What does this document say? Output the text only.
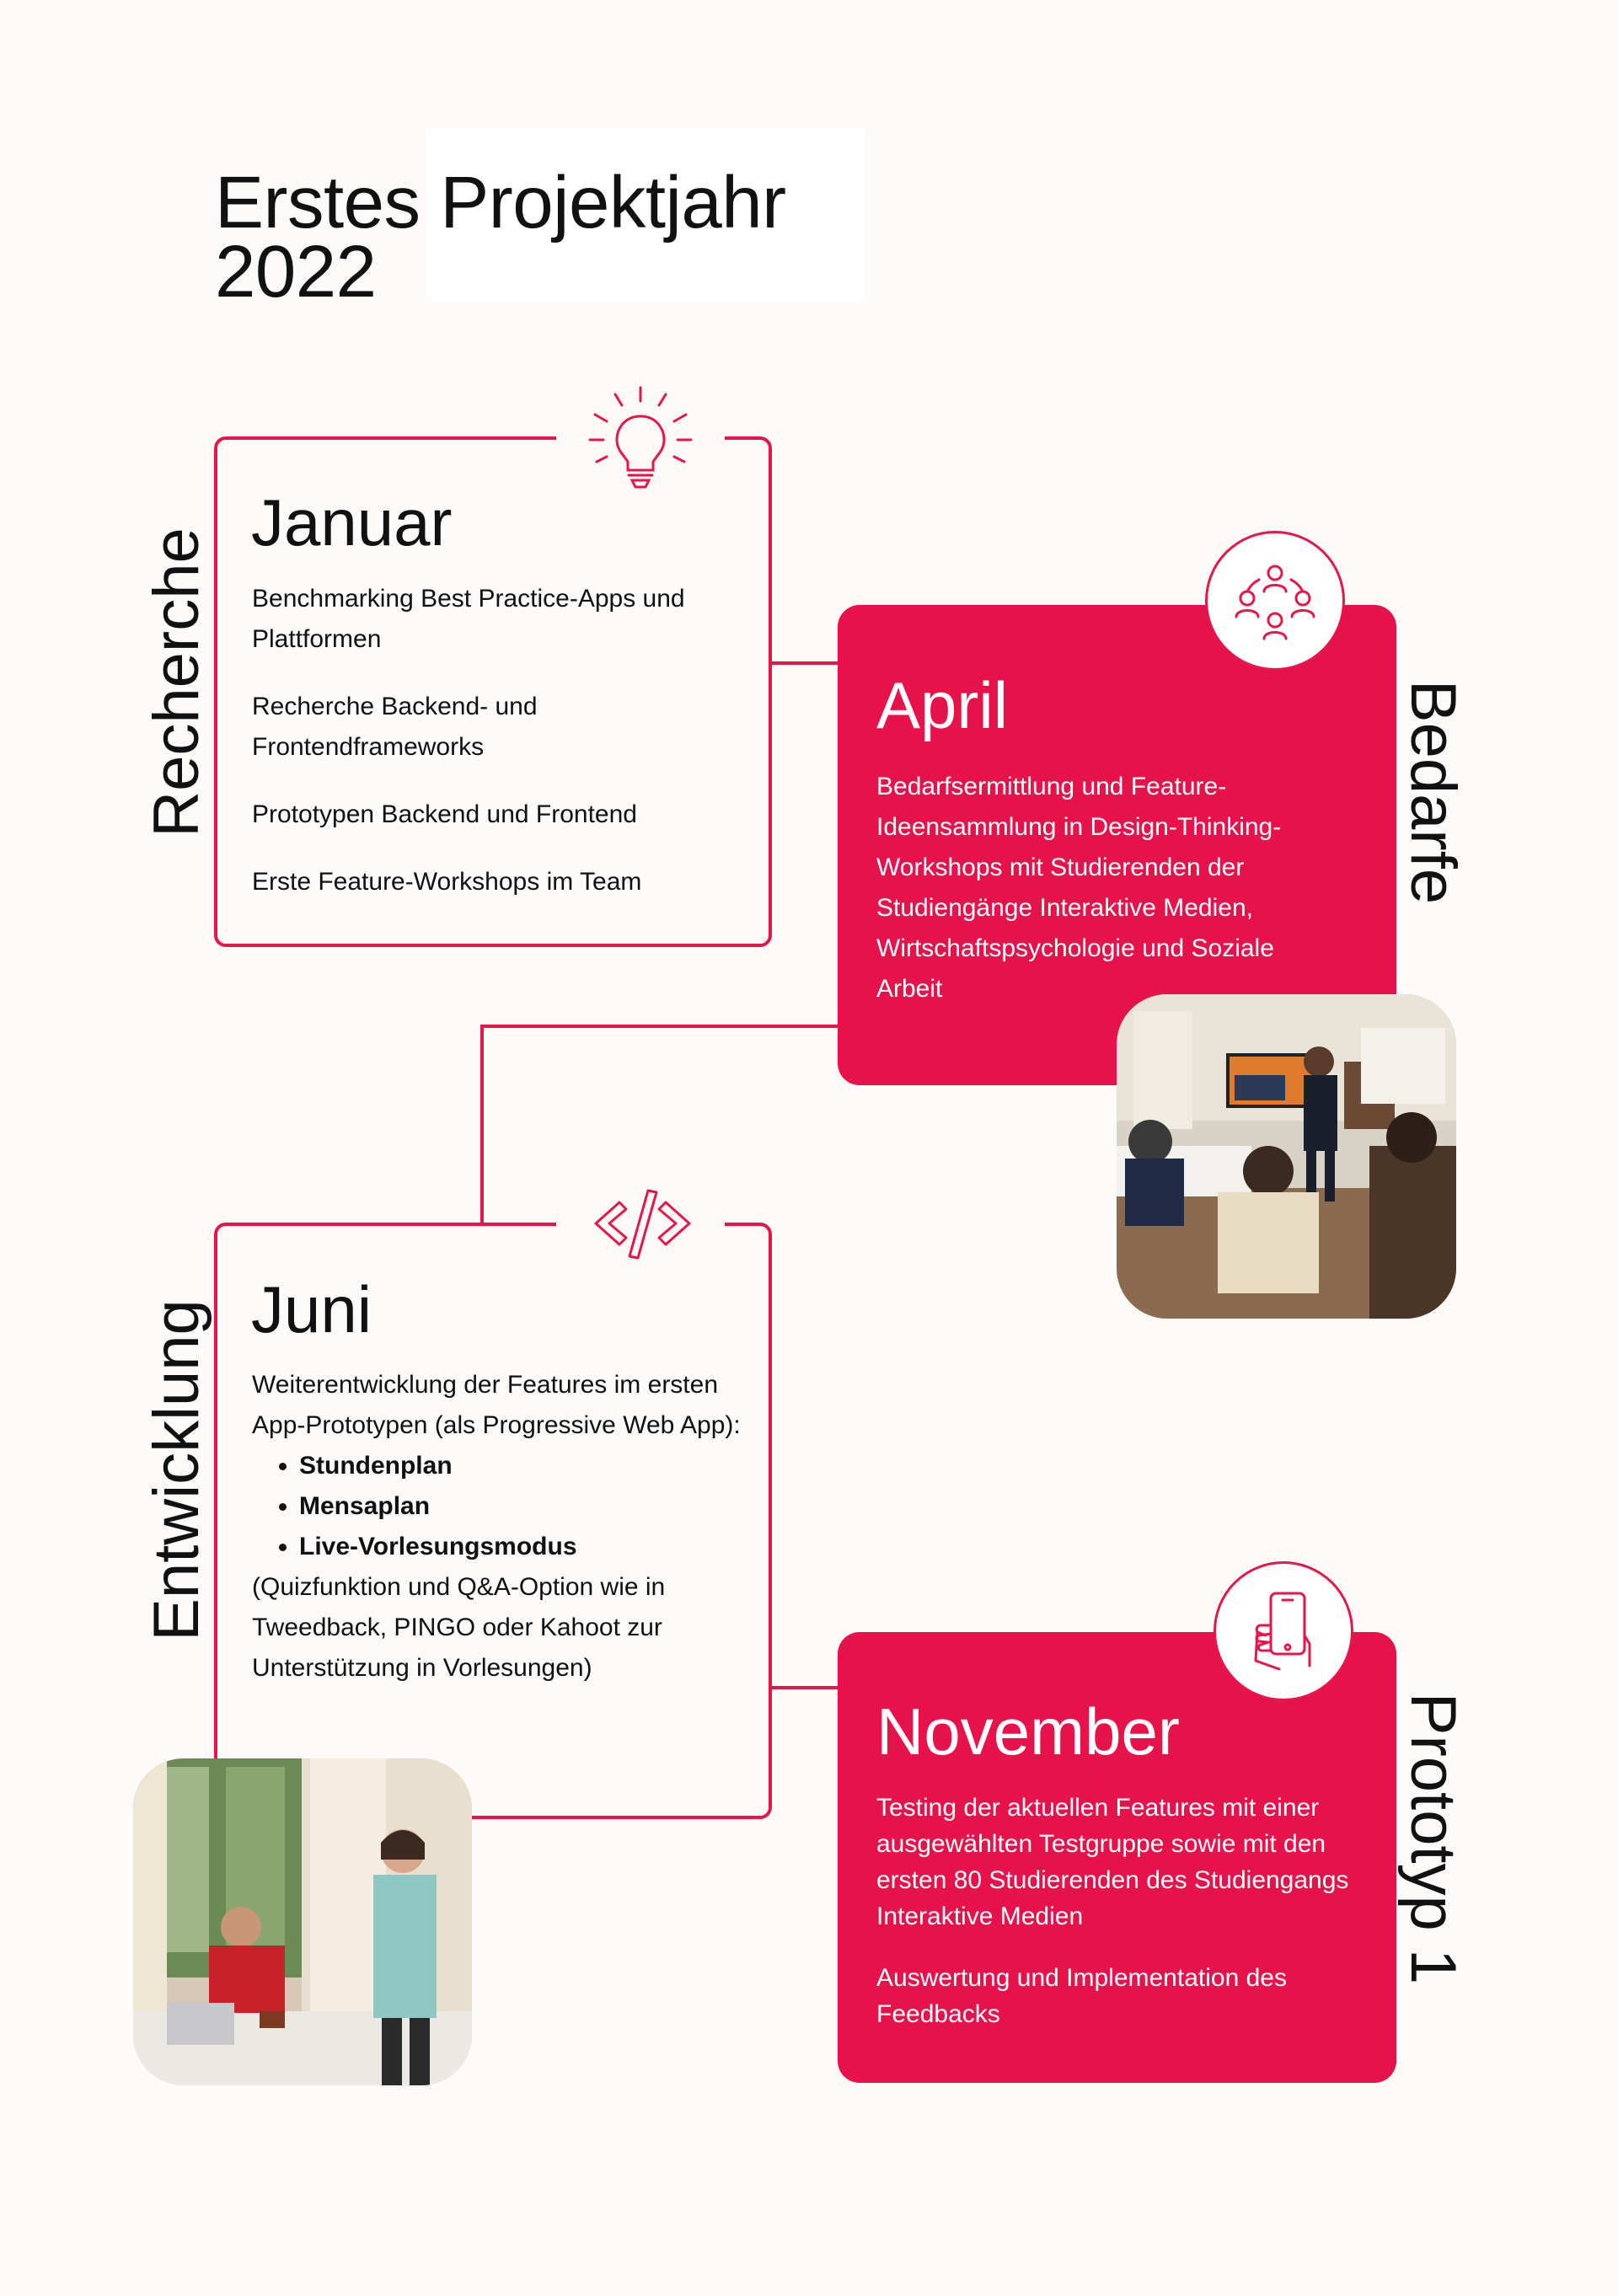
Erstes Projektjahr
2022
Januar

Benchmarking Best Practice-Apps und Plattformen

Recherche Backend- und Frontendframeworks

Prototypen Backend und Frontend

Erste Feature-Workshops im Team

Recherche	April
Bedarfsermittlung und Feature-Ideensammlung in Design-Thinking-Workshops mit Studierenden der Studiengänge Interaktive Medien, Wirtschaftspsychologie und Soziale Arbeit
Bedarfe
Juni
Weiterentwicklung der Features im ersten App-Prototypen (als Progressive Web App):
• Stundenplan
• Mensaplan
• Live-Vorlesungsmodus
(Quizfunktion und Q&A-Option wie in Tweedback, PINGO oder Kahoot zur Unterstützung in Vorlesungen)
Entwicklung
November

Testing der aktuellen Features mit einer ausgewählten Testgruppe sowie mit den ersten 80 Studierenden des Studiengangs Interaktive Medien

Auswertung und Implementation des Feedbacks

Prototyp 1
